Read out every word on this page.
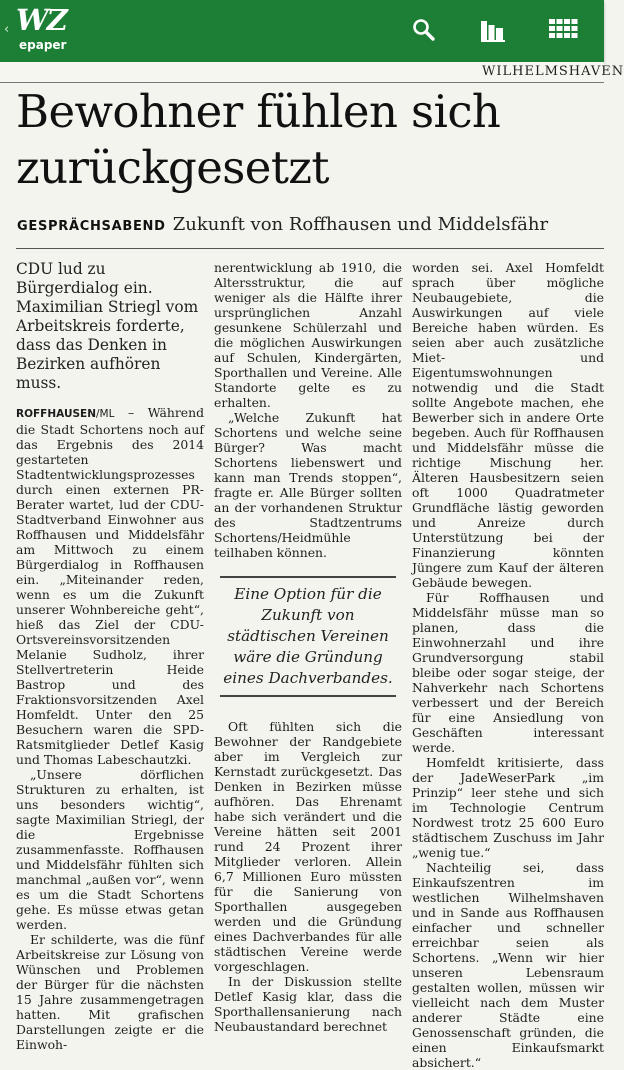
‹ WZ
epaper
WILHELMSHAVEN
Bewohner fühlen sich zurückgesetzt
GESPRÄCHSABEND Zukunft von Roffhausen und Middelsfähr

CDU lud zu Bürgerdialog ein. Maximilian Striegl vom Arbeitskreis forderte, dass das Denken in Bezirken aufhören muss.

ROFFHAUSEN/ML – Während die Stadt Schortens noch auf das Ergebnis des 2014 gestarteten Stadtentwicklungsprozesses durch einen externen PR-Berater wartet, lud der CDU-Stadtverband Einwohner aus Roffhausen und Middelsfähr am Mittwoch zu einem Bürgerdialog in Roffhausen ein. „Miteinander reden, wenn es um die Zukunft unserer Wohnbereiche geht“, hieß das Ziel der CDU-Ortsvereinsvorsitzenden Melanie Sudholz, ihrer Stellvertreterin Heide Bastrop und des Fraktionsvorsitzenden Axel Homfeldt. Unter den 25 Besuchern waren die SPD-Ratsmitglieder Detlef Kasig und Thomas Labeschautzki.

„Unsere dörflichen Strukturen zu erhalten, ist uns besonders wichtig“, sagte Maximilian Striegl, der die Ergebnisse zusammenfasste. Roffhausen und Middelsfähr fühlten sich manchmal „außen vor“, wenn es um die Stadt Schortens gehe. Es müsse etwas getan werden.

Er schilderte, was die fünf Arbeitskreise zur Lösung von Wünschen und Problemen der Bürger für die nächsten 15 Jahre zusammengetragen hatten. Mit grafischen Darstellungen zeigte er die Einwoh-

nerentwicklung ab 1910, die Altersstruktur, die auf weniger als die Hälfte ihrer ursprünglichen Anzahl gesunkene Schülerzahl und die möglichen Auswirkungen auf Schulen, Kindergärten, Sporthallen und Vereine. Alle Standorte gelte es zu erhalten.

„Welche Zukunft hat Schortens und welche seine Bürger? Was macht Schortens liebenswert und kann man Trends stoppen“, fragte er. Alle Bürger sollten an der vorhandenen Struktur des Stadtzentrums Schortens/Heidmühle teilhaben können.

Eine Option für die Zukunft von städtischen Vereinen wäre die Gründung eines Dachverbandes.

Oft fühlten sich die Bewohner der Randgebiete aber im Vergleich zur Kernstadt zurückgesetzt. Das Denken in Bezirken müsse aufhören. Das Ehrenamt habe sich verändert und die Vereine hätten seit 2001 rund 24 Prozent ihrer Mitglieder verloren. Allein 6,7 Millionen Euro müssten für die Sanierung von Sporthallen ausgegeben werden und die Gründung eines Dachverbandes für alle städtischen Vereine werde vorgeschlagen.

In der Diskussion stellte Detlef Kasig klar, dass die Sporthallensanierung nach Neubaustandard berechnet

worden sei. Axel Homfeldt sprach über mögliche Neubaugebiete, die Auswirkungen auf viele Bereiche haben würden. Es seien aber auch zusätzliche Miet- und Eigentumswohnungen notwendig und die Stadt sollte Angebote machen, ehe Bewerber sich in andere Orte begeben. Auch für Roffhausen und Middelsfähr müsse die richtige Mischung her. Älteren Hausbesitzern seien oft 1000 Quadratmeter Grundfläche lästig geworden und Anreize durch Unterstützung bei der Finanzierung könnten Jüngere zum Kauf der älteren Gebäude bewegen.

Für Roffhausen und Middelsfähr müsse man so planen, dass die Einwohnerzahl und ihre Grundversorgung stabil bleibe oder sogar steige, der Nahverkehr nach Schortens verbessert und der Bereich für eine Ansiedlung von Geschäften interessant werde.

Homfeldt kritisierte, dass der JadeWeserPark „im Prinzip“ leer stehe und sich im Technologie Centrum Nordwest trotz 25 600 Euro städtischem Zuschuss im Jahr „wenig tue.“

Nachteilig sei, dass Einkaufszentren im westlichen Wilhelmshaven und in Sande aus Roffhausen einfacher und schneller erreichbar seien als Schortens. „Wenn wir hier unseren Lebensraum gestalten wollen, müssen wir vielleicht nach dem Muster anderer Städte eine Genossenschaft gründen, die einen Einkaufsmarkt absichert.“
